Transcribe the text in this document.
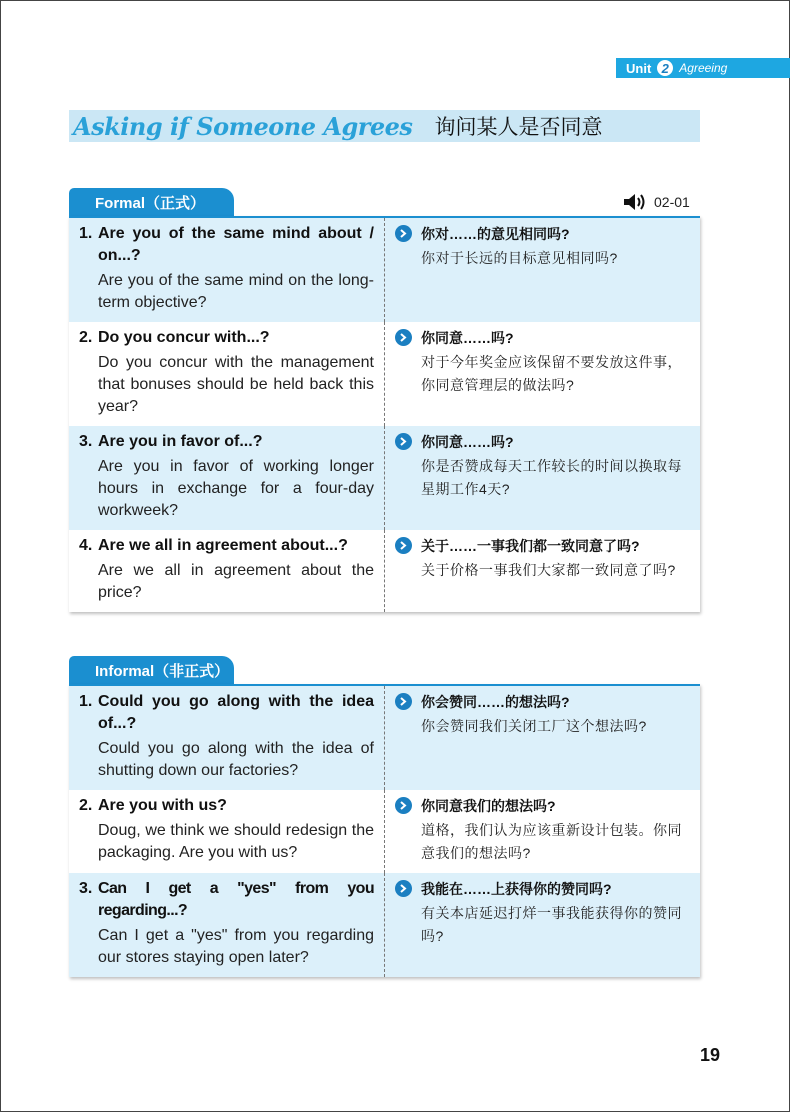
Unit 2 Agreeing
Asking if Someone Agrees 询问某人是否同意
Formal（正式）	02-01
1. Are you of the same mind about / on...?
Are you of the same mind on the long-term objective?
你对……的意见相同吗?
你对于长远的目标意见相同吗?
2. Do you concur with...?
Do you concur with the management that bonuses should be held back this year?
你同意……吗?
对于今年奖金应该保留不要发放这件事，你同意管理层的做法吗?
3. Are you in favor of...?
Are you in favor of working longer hours in exchange for a four-day workweek?
你同意……吗?
你是否赞成每天工作较长的时间以换取每星期工作4天?
4. Are we all in agreement about...?
Are we all in agreement about the price?
关于……一事我们都一致同意了吗?
关于价格一事我们大家都一致同意了吗?
Informal（非正式）
1. Could you go along with the idea of...?
Could you go along with the idea of shutting down our factories?
你会赞同……的想法吗?
你会赞同我们关闭工厂这个想法吗?
2. Are you with us?
Doug, we think we should redesign the packaging. Are you with us?
你同意我们的想法吗?
道格，我们认为应该重新设计包装。你同意我们的想法吗?
3. Can I get a "yes" from you regarding...?
Can I get a "yes" from you regarding our stores staying open later?
我能在……上获得你的赞同吗?
有关本店延迟打烊一事我能获得你的赞同吗?
19
